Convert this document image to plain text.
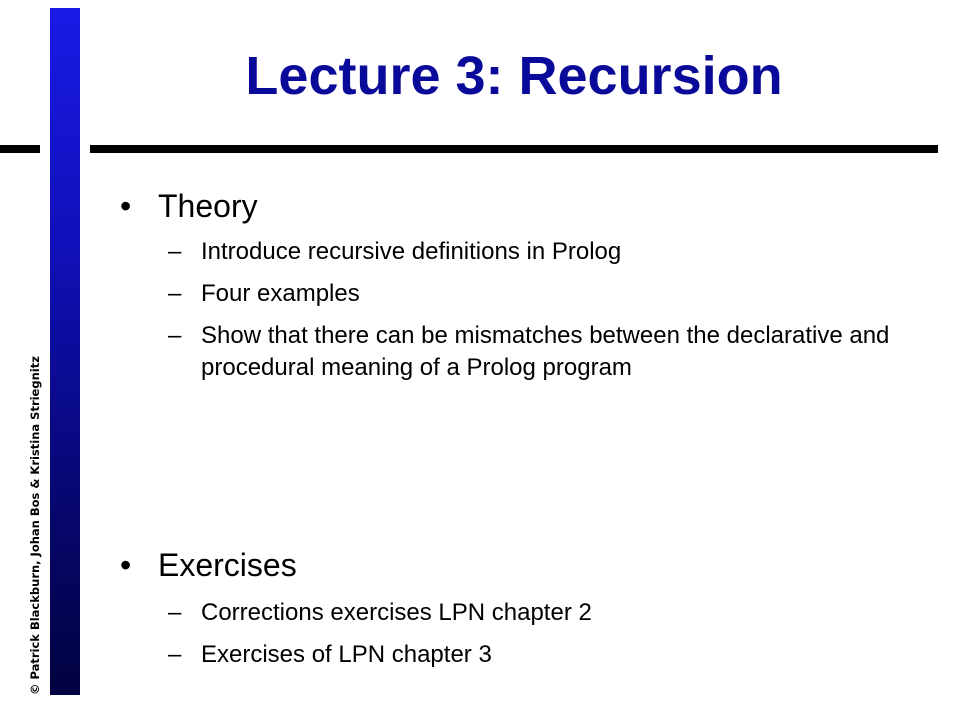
© Patrick Blackburn, Johan Bos & Kristina Striegnitz
Lecture 3: Recursion
• Theory
– Introduce recursive definitions in Prolog
– Four examples
– Show that there can be mismatches between the declarative and procedural meaning of a Prolog program
• Exercises
– Corrections exercises LPN chapter 2
– Exercises of LPN chapter 3
